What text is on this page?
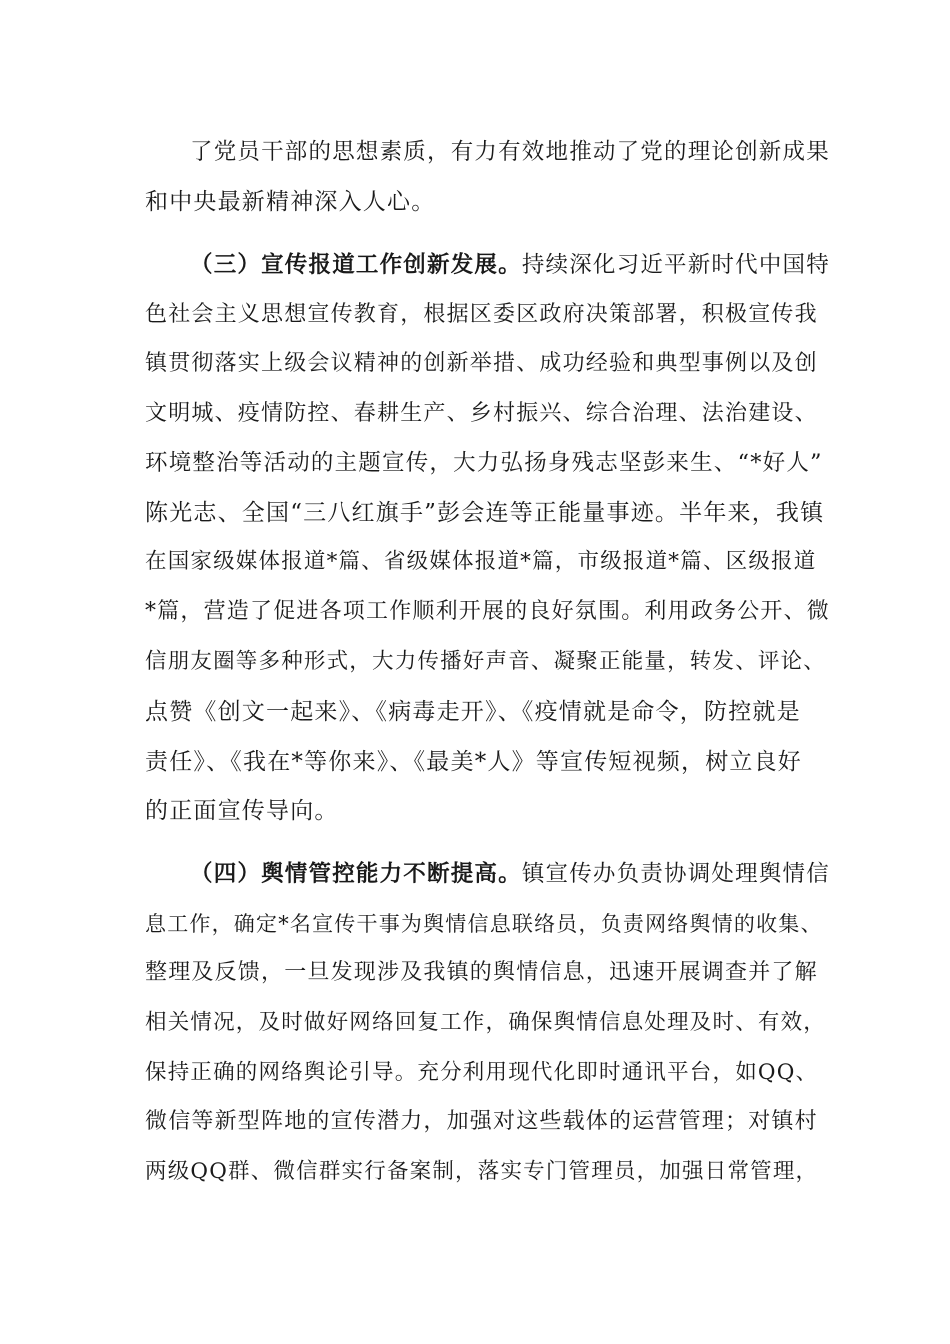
了党员干部的思想素质，有力有效地推动了党的理论创新成果
和中央最新精神深入人心。
（三）宣传报道工作创新发展。持续深化习近平新时代中国特
色社会主义思想宣传教育，根据区委区政府决策部署，积极宣传我
镇贯彻落实上级会议精神的创新举措、成功经验和典型事例以及创
文明城、疫情防控、春耕生产、乡村振兴、综合治理、法治建设、
环境整治等活动的主题宣传，大力弘扬身残志坚彭来生、“*好人”
陈光志、全国“三八红旗手”彭会连等正能量事迹。半年来，我镇
在国家级媒体报道*篇、省级媒体报道*篇，市级报道*篇、区级报道
*篇，营造了促进各项工作顺利开展的良好氛围。利用政务公开、微
信朋友圈等多种形式，大力传播好声音、凝聚正能量，转发、评论、
点赞《创文一起来》、《病毒走开》、《疫情就是命令，防控就是
责任》、《我在*等你来》、《最美*人》等宣传短视频，树立良好
的正面宣传导向。
（四）舆情管控能力不断提高。镇宣传办负责协调处理舆情信
息工作，确定*名宣传干事为舆情信息联络员，负责网络舆情的收集、
整理及反馈，一旦发现涉及我镇的舆情信息，迅速开展调查并了解
相关情况，及时做好网络回复工作，确保舆情信息处理及时、有效，
保持正确的网络舆论引导。充分利用现代化即时通讯平台，如QQ、
微信等新型阵地的宣传潜力，加强对这些载体的运营管理；对镇村
两级QQ群、微信群实行备案制，落实专门管理员，加强日常管理，
